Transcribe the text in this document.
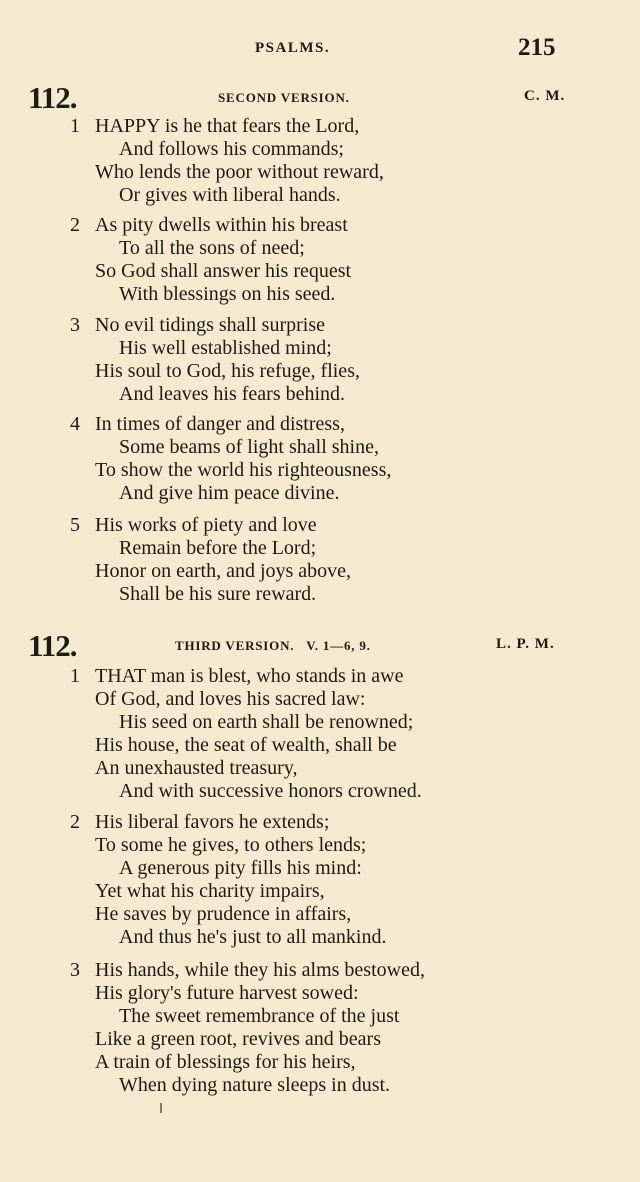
PSALMS.	215
112.	SECOND VERSION.	C. M.
1 HAPPY is he that fears the Lord,
And follows his commands;
Who lends the poor without reward,
Or gives with liberal hands.
2 As pity dwells within his breast
To all the sons of need;
So God shall answer his request
With blessings on his seed.
3 No evil tidings shall surprise
His well established mind;
His soul to God, his refuge, flies,
And leaves his fears behind.
4 In times of danger and distress,
Some beams of light shall shine,
To show the world his righteousness,
And give him peace divine.
5 His works of piety and love
Remain before the Lord;
Honor on earth, and joys above,
Shall be his sure reward.
112.	THIRD VERSION.   V. 1—6, 9.	L. P. M.
1 THAT man is blest, who stands in awe
Of God, and loves his sacred law:
His seed on earth shall be renowned;
His house, the seat of wealth, shall be
An unexhausted treasury,
And with successive honors crowned.
2 His liberal favors he extends;
To some he gives, to others lends;
A generous pity fills his mind:
Yet what his charity impairs,
He saves by prudence in affairs,
And thus he's just to all mankind.
3 His hands, while they his alms bestowed,
His glory's future harvest sowed:
The sweet remembrance of the just
Like a green root, revives and bears
A train of blessings for his heirs,
When dying nature sleeps in dust.
